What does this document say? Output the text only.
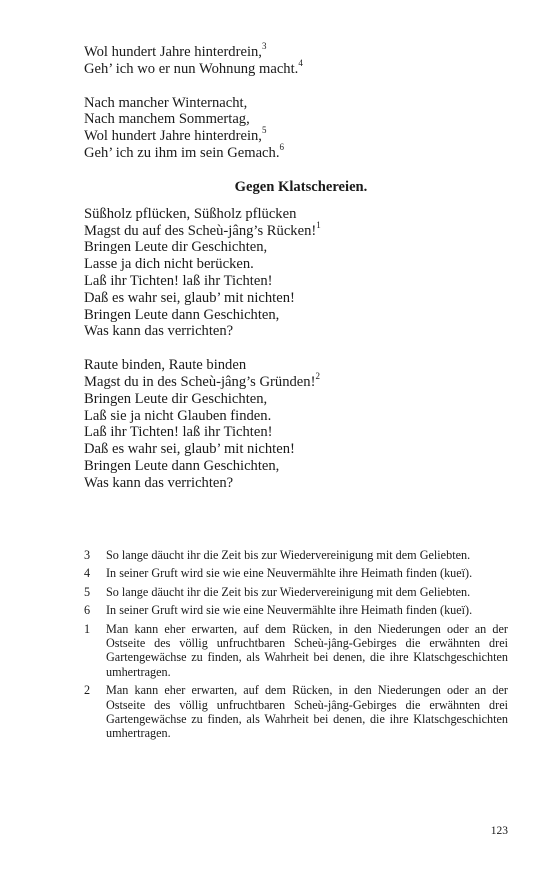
Wol hundert Jahre hinterdrein,$^3$
Geh’ ich wo er nun Wohnung macht.$^4$
Nach mancher Winternacht,
Nach manchem Sommertag,
Wol hundert Jahre hinterdrein,$^5$
Geh’ ich zu ihm im sein Gemach.$^6$
Gegen Klatschereien.
Süßholz pflücken, Süßholz pflücken
Magst du auf des Scheù-jâng’s Rücken!$^1$
Bringen Leute dir Geschichten,
Lasse ja dich nicht berücken.
Laß ihr Tichten! laß ihr Tichten!
Daß es wahr sei, glaub’ mit nichten!
Bringen Leute dann Geschichten,
Was kann das verrichten?
Raute binden, Raute binden
Magst du in des Scheù-jâng’s Gründen!$^2$
Bringen Leute dir Geschichten,
Laß sie ja nicht Glauben finden.
Laß ihr Tichten! laß ihr Tichten!
Daß es wahr sei, glaub’ mit nichten!
Bringen Leute dann Geschichten,
Was kann das verrichten?
3	So lange däucht ihr die Zeit bis zur Wiedervereinigung mit dem Geliebten.
4	In seiner Gruft wird sie wie eine Neuvermählte ihre Heimath finden (kueï).
5	So lange däucht ihr die Zeit bis zur Wiedervereinigung mit dem Geliebten.
6	In seiner Gruft wird sie wie eine Neuvermählte ihre Heimath finden (kueï).
1	Man kann eher erwarten, auf dem Rücken, in den Niederungen oder an der Ostseite des völlig unfruchtbaren Scheù-jâng-Gebirges die erwähnten drei Gartengewächse zu finden, als Wahrheit bei denen, die ihre Klatschgeschichten umhertragen.
2	Man kann eher erwarten, auf dem Rücken, in den Niederungen oder an der Ostseite des völlig unfruchtbaren Scheù-jâng-Gebirges die erwähnten drei Gartengewächse zu finden, als Wahrheit bei denen, die ihre Klatschgeschichten umhertragen.
123
